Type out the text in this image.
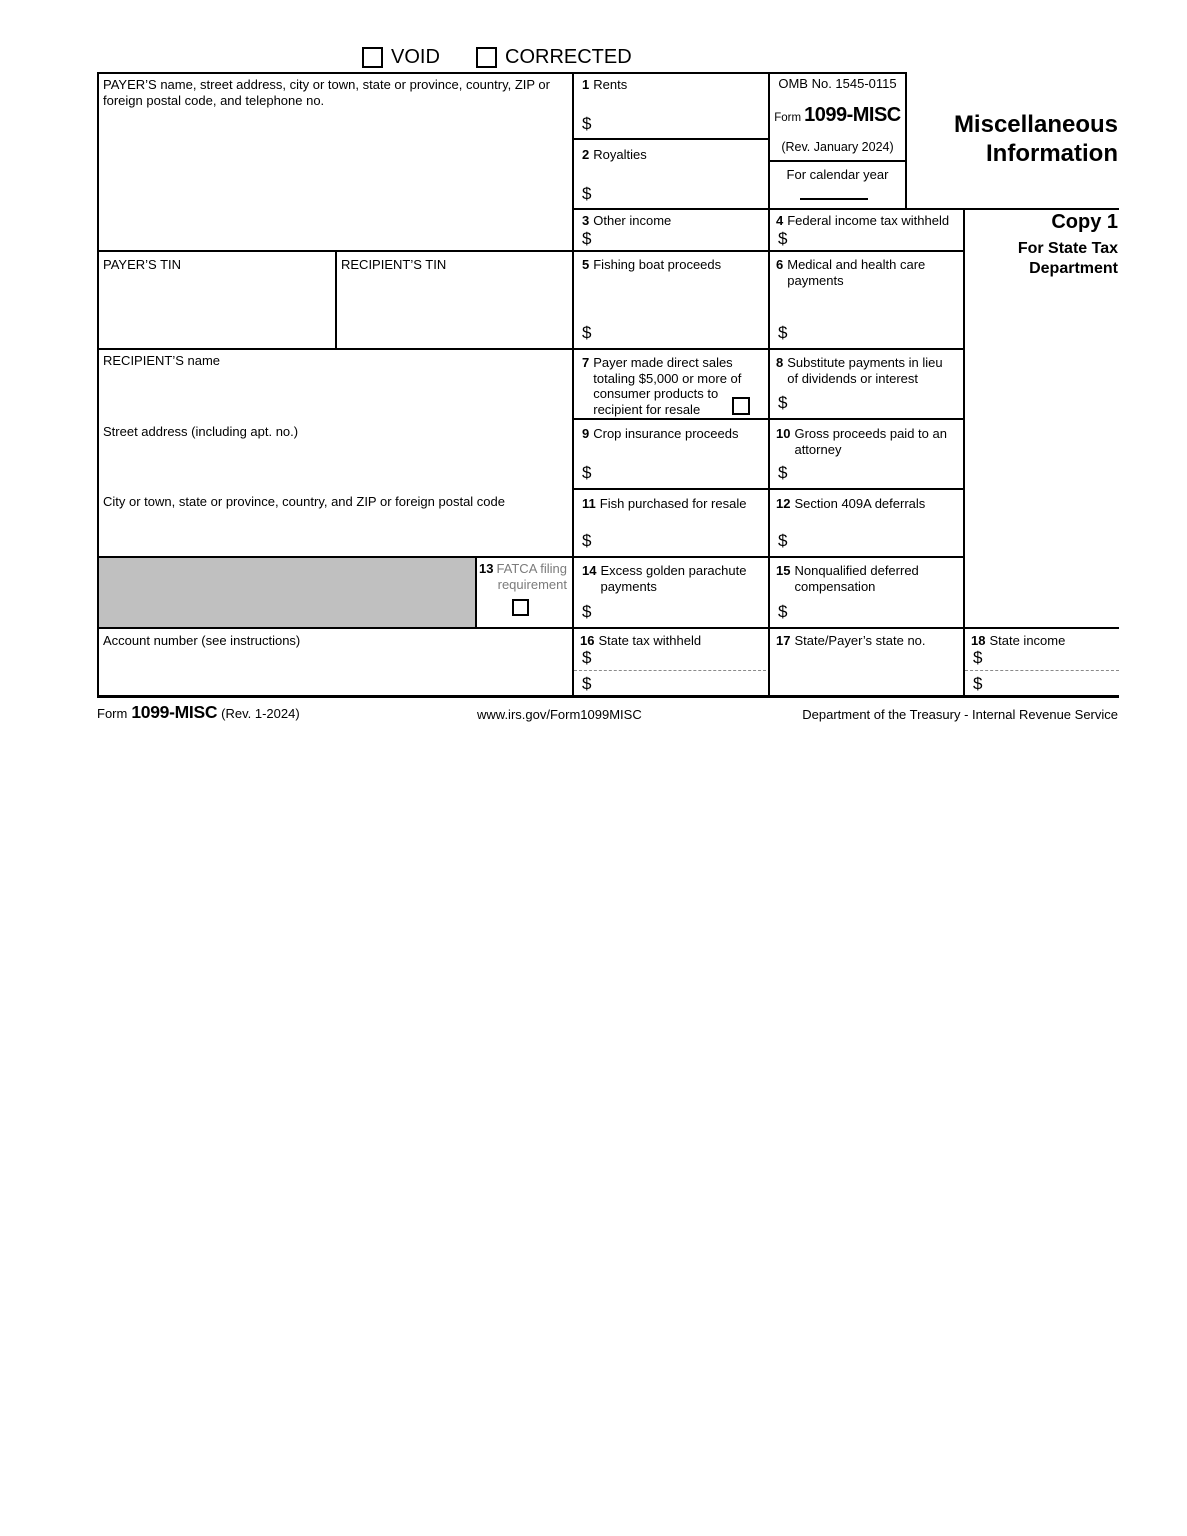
VOID	CORRECTED
OMB No. 1545-0115
Form 1099-MISC
(Rev. January 2024)
For calendar year
Miscellaneous
Information
Copy 1
For State Tax
Department
PAYER’S name, street address, city or town, state or province, country, ZIP or foreign postal code, and telephone no.
PAYER’S TIN	RECIPIENT’S TIN
RECIPIENT’S name
Street address (including apt. no.)
City or town, state or province, country, and ZIP or foreign postal code
Account number (see instructions)
1 Rents
$
2 Royalties
$
3 Other income
$
4 Federal income tax withheld
$
5 Fishing boat proceeds
$
6 Medical and health care payments
$
7 Payer made direct sales totaling $5,000 or more of consumer products to recipient for resale
8 Substitute payments in lieu of dividends or interest
$
9 Crop insurance proceeds
$
10 Gross proceeds paid to an attorney
$
11 Fish purchased for resale
$
12 Section 409A deferrals
$
13 FATCA filing requirement
14 Excess golden parachute payments
$
15 Nonqualified deferred compensation
$
16 State tax withheld
$
$
17 State/Payer’s state no.	18 State income
$
$
Form 1099-MISC (Rev. 1-2024)	www.irs.gov/Form1099MISC	Department of the Treasury - Internal Revenue Service
